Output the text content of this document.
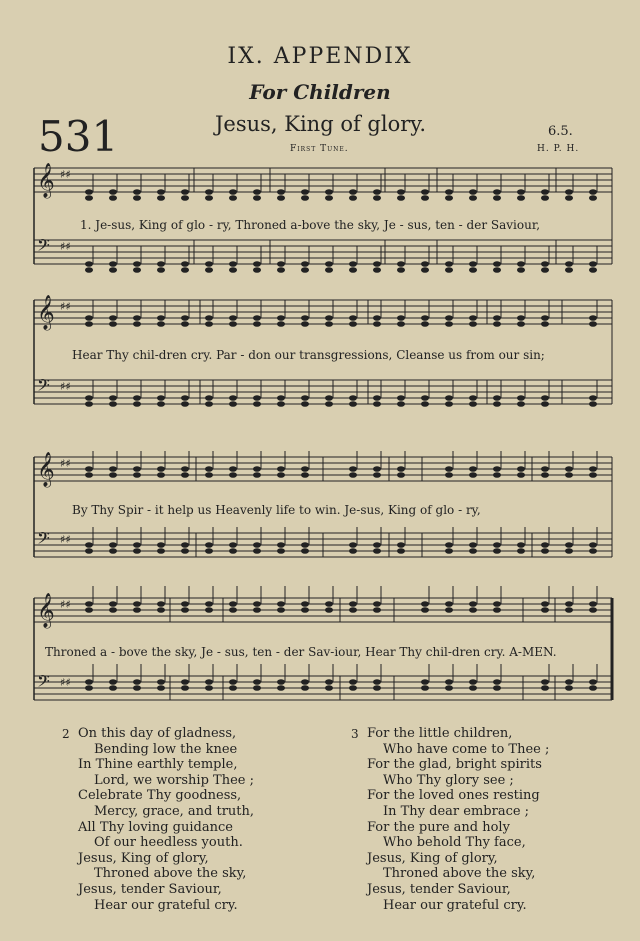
IX. APPENDIX
For Children
531	Jesus, King of glory.	6.5.
First Tune.	H. P. H.
𝄞 ♯♯
𝄢 ♯♯
𝄞 ♯♯
𝄢 ♯♯
𝄞 ♯♯
𝄢 ♯♯
𝄞 ♯♯
𝄢 ♯♯
1. Je-sus, King of glo - ry, Throned a-bove the sky, Je - sus, ten - der Saviour,
Hear Thy chil-dren cry. Par - don our transgressions, Cleanse us from our sin;
By Thy Spir - it help us Heavenly life to win. Je-sus, King of glo - ry,
Throned a - bove the sky, Je - sus, ten - der Sav-iour, Hear Thy chil-dren cry. A-MEN.
2 On this day of gladness,
Bending low the knee
In Thine earthly temple,
Lord, we worship Thee ;
Celebrate Thy goodness,
Mercy, grace, and truth,
All Thy loving guidance
Of our heedless youth.
Jesus, King of glory,
Throned above the sky,
Jesus, tender Saviour,
Hear our grateful cry.
3 For the little children,
Who have come to Thee ;
For the glad, bright spirits
Who Thy glory see ;
For the loved ones resting
In Thy dear embrace ;
For the pure and holy
Who behold Thy face,
Jesus, King of glory,
Throned above the sky,
Jesus, tender Saviour,
Hear our grateful cry.
